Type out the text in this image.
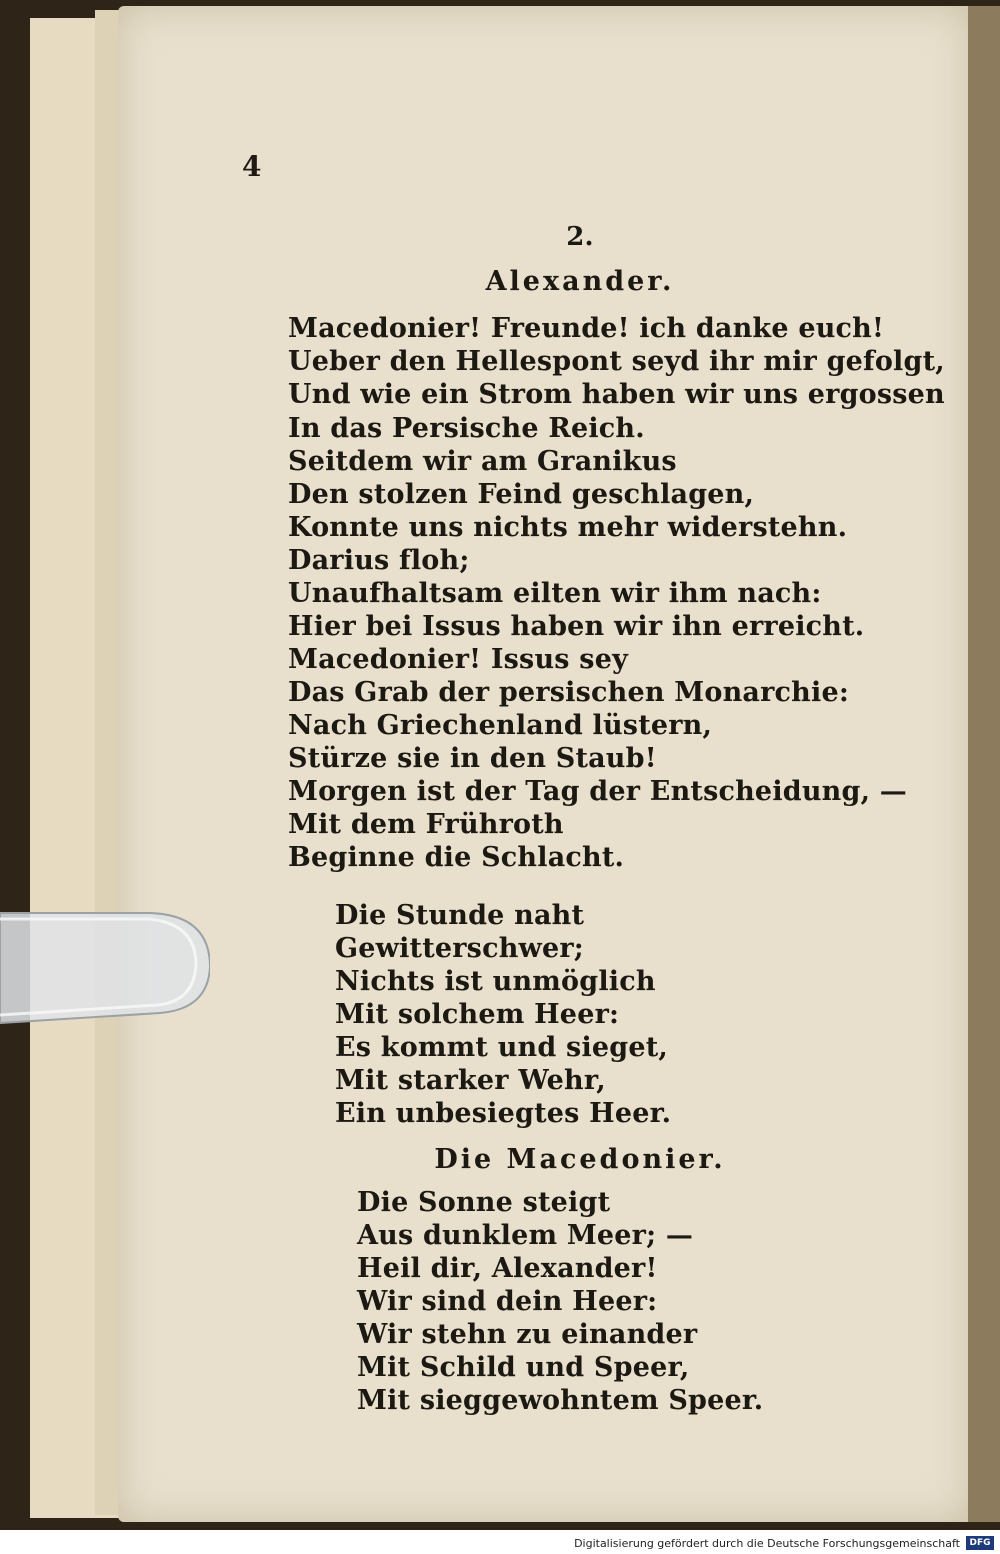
4
2.
Alexander.
Macedonier! Freunde! ich danke euch!
Ueber den Hellespont seyd ihr mir gefolgt,
Und wie ein Strom haben wir uns ergossen
In das Persische Reich.
Seitdem wir am Granikus
Den stolzen Feind geschlagen,
Konnte uns nichts mehr widerstehn.
Darius floh;
Unaufhaltsam eilten wir ihm nach:
Hier bei Issus haben wir ihn erreicht.
Macedonier! Issus sey
Das Grab der persischen Monarchie:
Nach Griechenland lüstern,
Stürze sie in den Staub!
Morgen ist der Tag der Entscheidung, —
Mit dem Frühroth
Beginne die Schlacht.
Die Stunde naht
Gewitterschwer;
Nichts ist unmöglich
Mit solchem Heer:
Es kommt und sieget,
Mit starker Wehr,
Ein unbesiegtes Heer.
Die Macedonier.
Die Sonne steigt
Aus dunklem Meer; —
Heil dir, Alexander!
Wir sind dein Heer:
Wir stehn zu einander
Mit Schild und Speer,
Mit sieggewohntem Speer.
Digitalisierung gefördert durch die Deutsche Forschungsgemeinschaft	DFG
